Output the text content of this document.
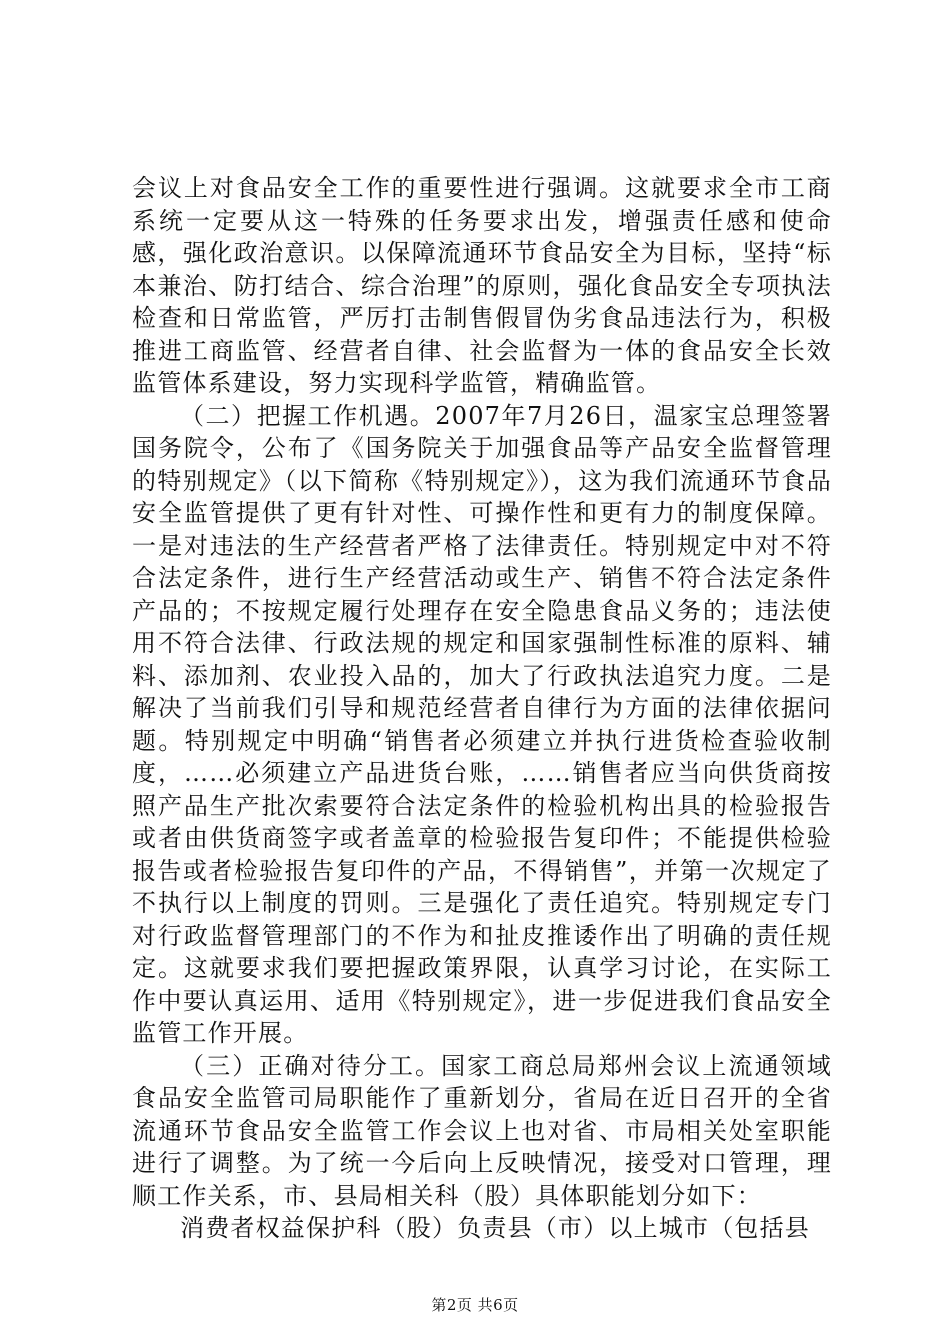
会议上对食品安全工作的重要性进行强调。这就要求全市工商系统一定要从这一特殊的任务要求出发，增强责任感和使命感，强化政治意识。以保障流通环节食品安全为目标，坚持“标本兼治、防打结合、综合治理”的原则，强化食品安全专项执法检查和日常监管，严厉打击制售假冒伪劣食品违法行为，积极推进工商监管、经营者自律、社会监督为一体的食品安全长效监管体系建设，努力实现科学监管，精确监管。

（二）把握工作机遇。2007年7月26日，温家宝总理签署国务院令，公布了《国务院关于加强食品等产品安全监督管理的特别规定》（以下简称《特别规定》），这为我们流通环节食品安全监管提供了更有针对性、可操作性和更有力的制度保障。一是对违法的生产经营者严格了法律责任。特别规定中对不符合法定条件，进行生产经营活动或生产、销售不符合法定条件产品的；不按规定履行处理存在安全隐患食品义务的；违法使用不符合法律、行政法规的规定和国家强制性标准的原料、辅料、添加剂、农业投入品的，加大了行政执法追究力度。二是解决了当前我们引导和规范经营者自律行为方面的法律依据问题。特别规定中明确“销售者必须建立并执行进货检查验收制度，……必须建立产品进货台账，……销售者应当向供货商按照产品生产批次索要符合法定条件的检验机构出具的检验报告或者由供货商签字或者盖章的检验报告复印件；不能提供检验报告或者检验报告复印件的产品，不得销售”，并第一次规定了不执行以上制度的罚则。三是强化了责任追究。特别规定专门对行政监督管理部门的不作为和扯皮推诿作出了明确的责任规定。这就要求我们要把握政策界限，认真学习讨论，在实际工作中要认真运用、适用《特别规定》，进一步促进我们食品安全监管工作开展。

（三）正确对待分工。国家工商总局郑州会议上流通领域食品安全监管司局职能作了重新划分，省局在近日召开的全省流通环节食品安全监管工作会议上也对省、市局相关处室职能进行了调整。为了统一今后向上反映情况，接受对口管理，理顺工作关系，市、县局相关科（股）具体职能划分如下：

消费者权益保护科（股）负责县（市）以上城市（包括县

第2页 共6页
